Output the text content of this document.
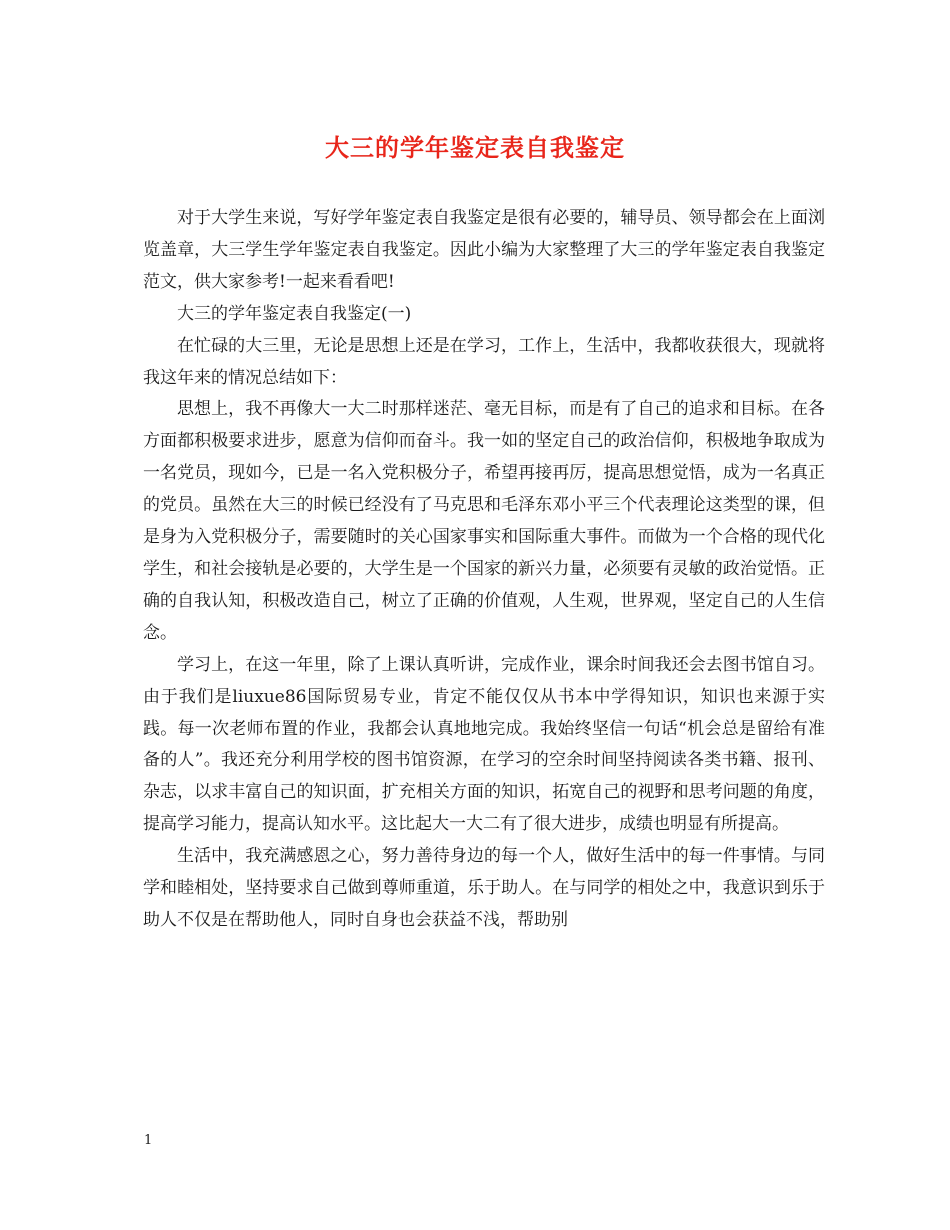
大三的学年鉴定表自我鉴定

对于大学生来说，写好学年鉴定表自我鉴定是很有必要的，辅导员、领导都会在上面浏览盖章，大三学生学年鉴定表自我鉴定。因此小编为大家整理了大三的学年鉴定表自我鉴定范文，供大家参考!一起来看看吧!

大三的学年鉴定表自我鉴定(一)

在忙碌的大三里，无论是思想上还是在学习，工作上，生活中，我都收获很大，现就将我这年来的情况总结如下：

思想上，我不再像大一大二时那样迷茫、毫无目标，而是有了自己的追求和目标。在各方面都积极要求进步，愿意为信仰而奋斗。我一如的坚定自己的政治信仰，积极地争取成为一名党员，现如今，已是一名入党积极分子，希望再接再厉，提高思想觉悟，成为一名真正的党员。虽然在大三的时候已经没有了马克思和毛泽东邓小平三个代表理论这类型的课，但是身为入党积极分子，需要随时的关心国家事实和国际重大事件。而做为一个合格的现代化学生，和社会接轨是必要的，大学生是一个国家的新兴力量，必须要有灵敏的政治觉悟。正确的自我认知，积极改造自己，树立了正确的价值观，人生观，世界观，坚定自己的人生信念。

学习上，在这一年里，除了上课认真听讲，完成作业，课余时间我还会去图书馆自习。由于我们是liuxue86国际贸易专业，肯定不能仅仅从书本中学得知识，知识也来源于实践。每一次老师布置的作业，我都会认真地地完成。我始终坚信一句话“机会总是留给有准备的人”。我还充分利用学校的图书馆资源，在学习的空余时间坚持阅读各类书籍、报刊、杂志，以求丰富自己的知识面，扩充相关方面的知识，拓宽自己的视野和思考问题的角度，提高学习能力，提高认知水平。这比起大一大二有了很大进步，成绩也明显有所提高。

生活中，我充满感恩之心，努力善待身边的每一个人，做好生活中的每一件事情。与同学和睦相处，坚持要求自己做到尊师重道，乐于助人。在与同学的相处之中，我意识到乐于助人不仅是在帮助他人，同时自身也会获益不浅，帮助别

1
